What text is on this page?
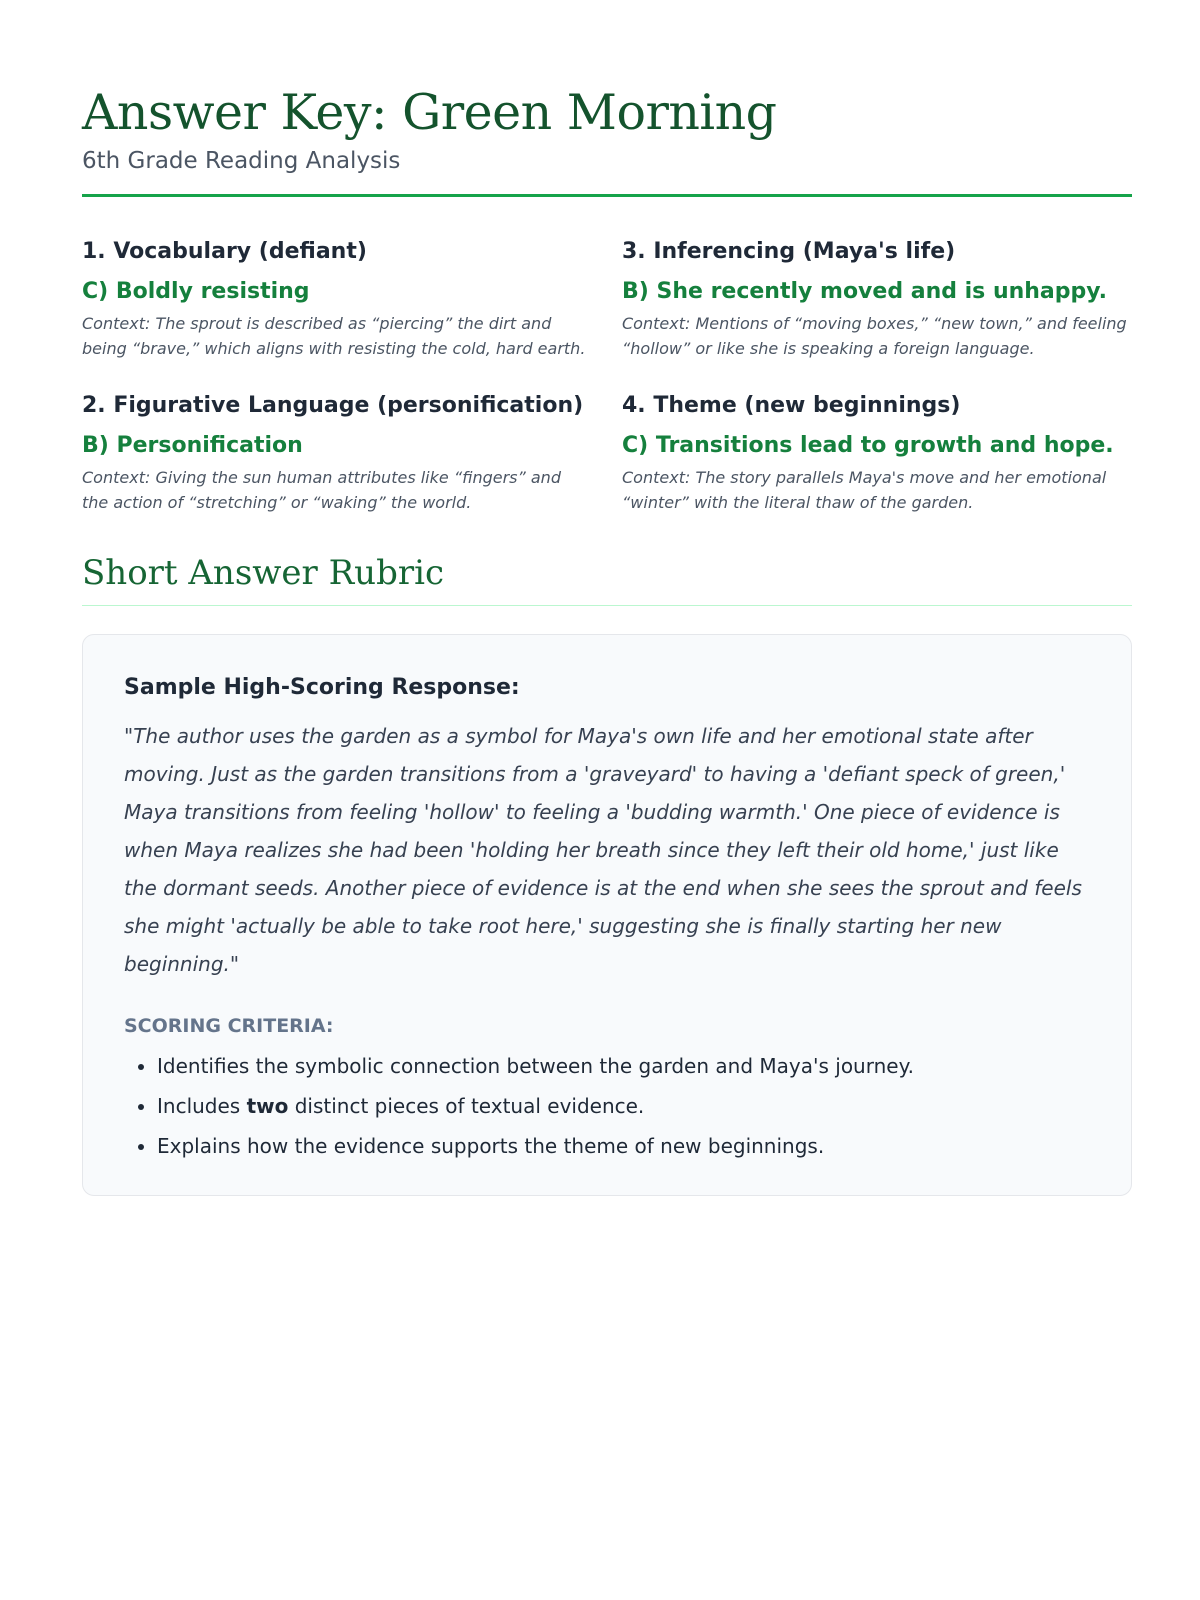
Answer Key: Green Morning

6th Grade Reading Analysis

1. Vocabulary (defiant)

C) Boldly resisting

Context: The sprout is described as “piercing” the dirt and being “brave,” which aligns with resisting the cold, hard earth.

2. Figurative Language (personification)

B) Personification

Context: Giving the sun human attributes like “fingers” and the action of “stretching” or “waking” the world.

3. Inferencing (Maya's life)

B) She recently moved and is unhappy.

Context: Mentions of “moving boxes,” “new town,” and feeling “hollow” or like she is speaking a foreign language.

4. Theme (new beginnings)

C) Transitions lead to growth and hope.

Context: The story parallels Maya's move and her emotional “winter” with the literal thaw of the garden.

Short Answer Rubric

Sample High-Scoring Response:

"The author uses the garden as a symbol for Maya's own life and her emotional state after moving. Just as the garden transitions from a 'graveyard' to having a 'defiant speck of green,' Maya transitions from feeling 'hollow' to feeling a 'budding warmth.' One piece of evidence is when Maya realizes she had been 'holding her breath since they left their old home,' just like the dormant seeds. Another piece of evidence is at the end when she sees the sprout and feels she might 'actually be able to take root here,' suggesting she is finally starting her new beginning."

SCORING CRITERIA:

• Identifies the symbolic connection between the garden and Maya's journey.
• Includes two distinct pieces of textual evidence.
• Explains how the evidence supports the theme of new beginnings.
